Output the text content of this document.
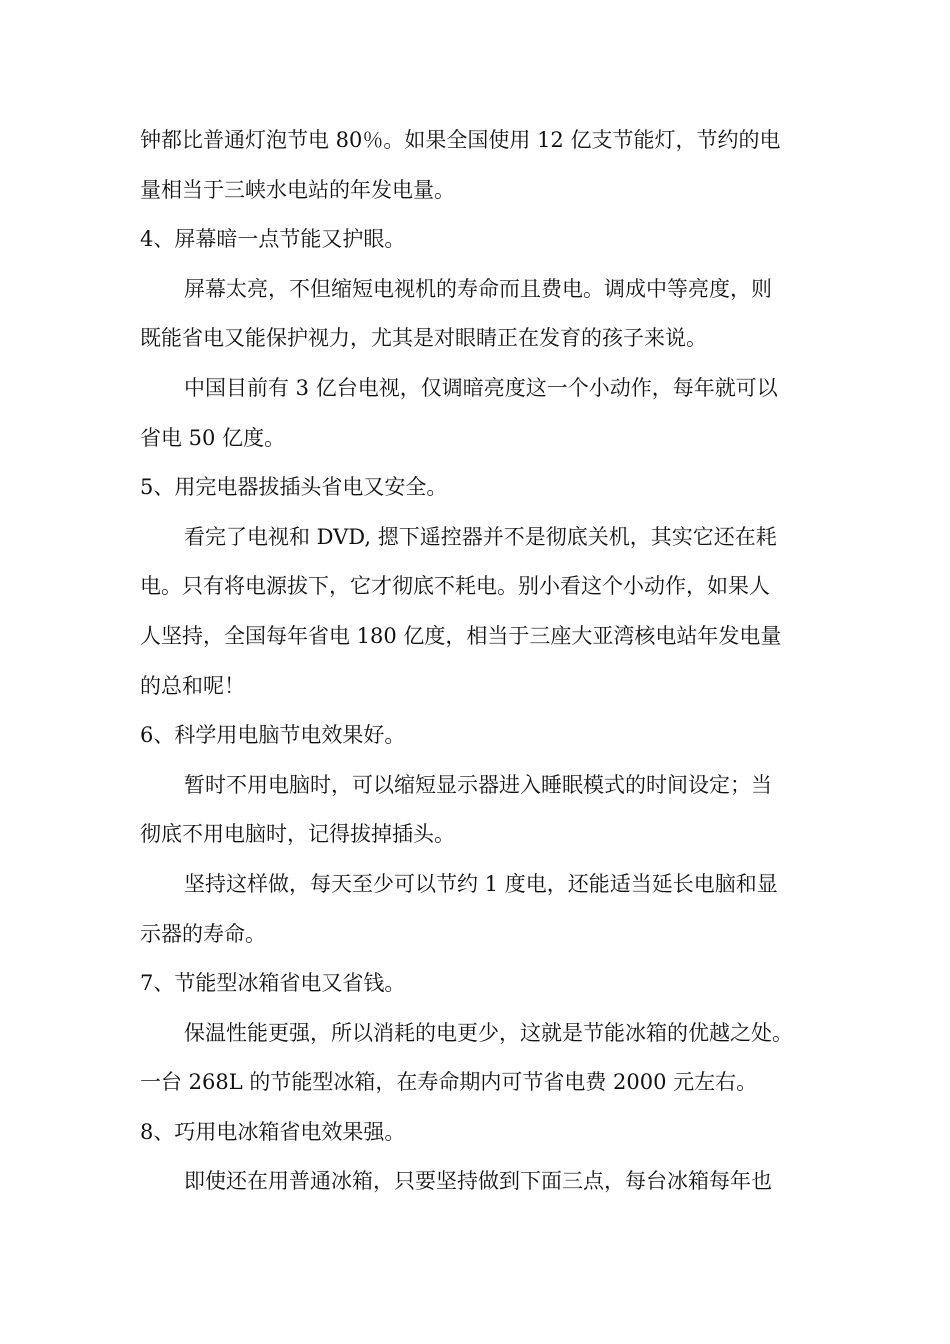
钟都比普通灯泡节电 80％。如果全国使用 12 亿支节能灯，节约的电
量相当于三峡水电站的年发电量。
4、屏幕暗一点节能又护眼。
屏幕太亮，不但缩短电视机的寿命而且费电。调成中等亮度，则
既能省电又能保护视力，尤其是对眼睛正在发育的孩子来说。
中国目前有 3 亿台电视，仅调暗亮度这一个小动作，每年就可以
省电 50 亿度。
5、用完电器拔插头省电又安全。
看完了电视和 DVD, 摁下遥控器并不是彻底关机，其实它还在耗
电。只有将电源拔下，它才彻底不耗电。别小看这个小动作，如果人
人坚持，全国每年省电 180 亿度，相当于三座大亚湾核电站年发电量
的总和呢！
6、科学用电脑节电效果好。
暂时不用电脑时，可以缩短显示器进入睡眠模式的时间设定；当
彻底不用电脑时，记得拔掉插头。
坚持这样做，每天至少可以节约 1 度电，还能适当延长电脑和显
示器的寿命。
7、节能型冰箱省电又省钱。
保温性能更强，所以消耗的电更少，这就是节能冰箱的优越之处。
一台 268L 的节能型冰箱，在寿命期内可节省电费 2000 元左右。
8、巧用电冰箱省电效果强。
即使还在用普通冰箱，只要坚持做到下面三点，每台冰箱每年也
